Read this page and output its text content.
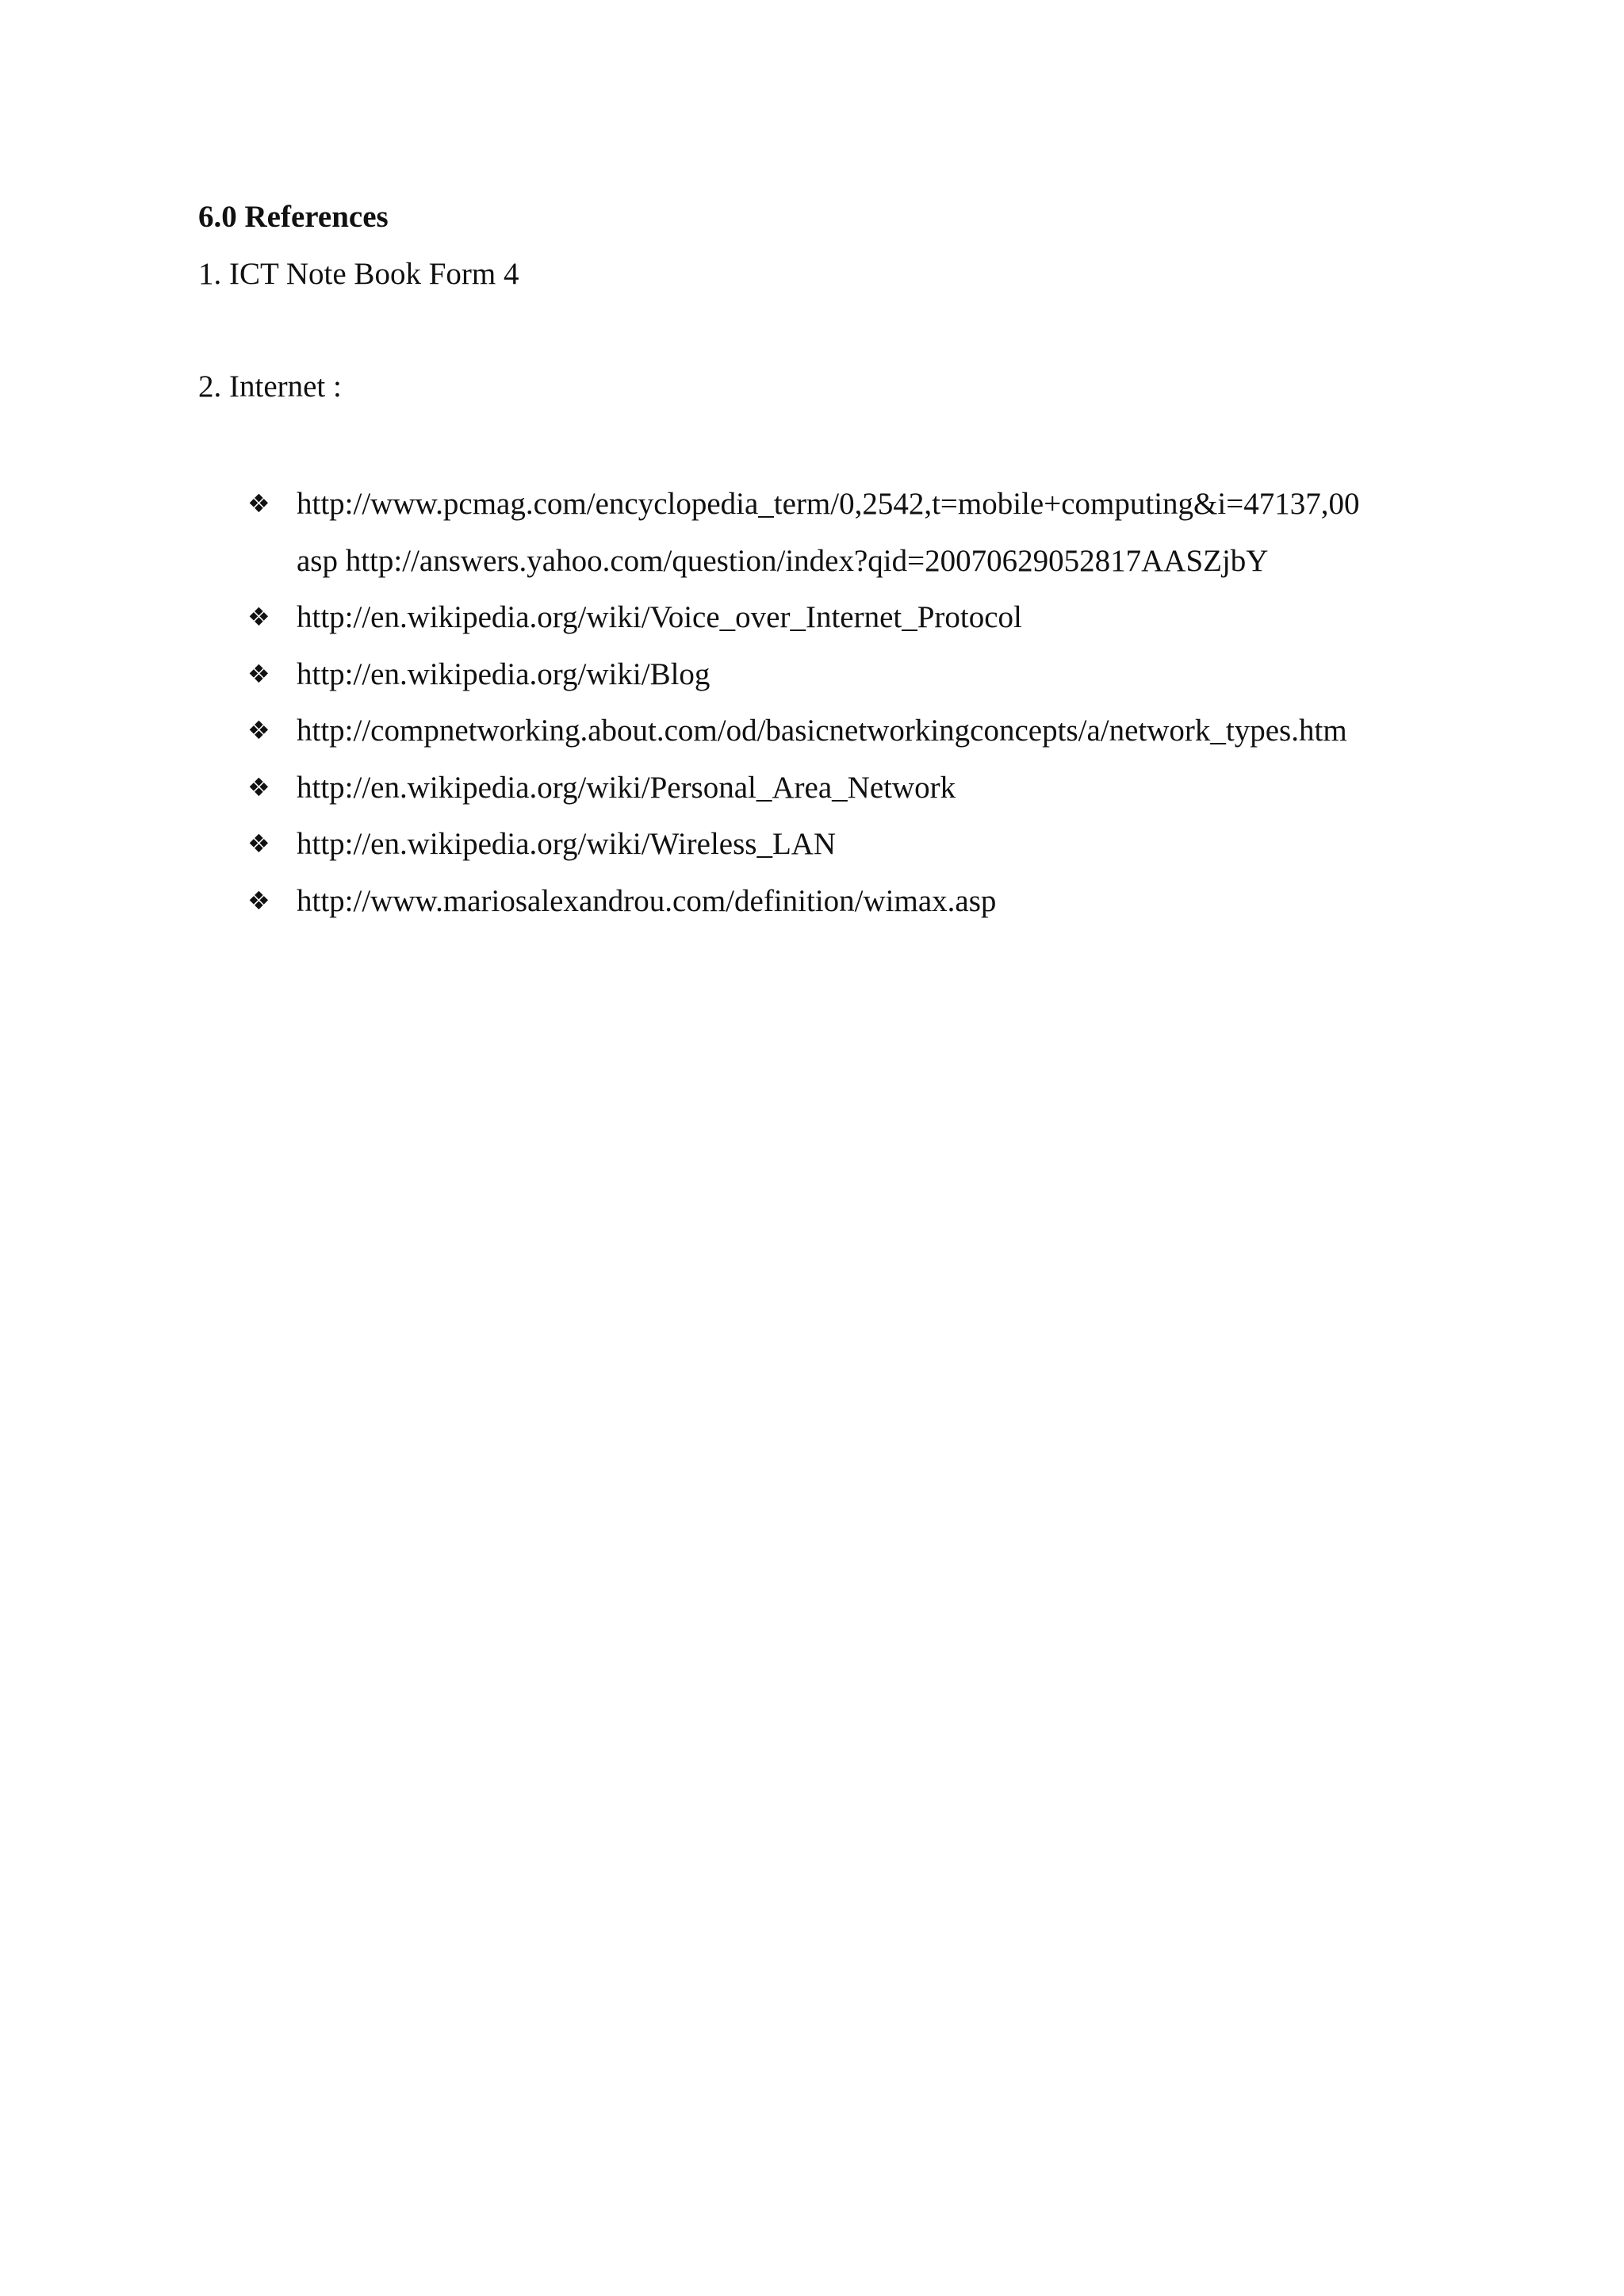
6.0 References
1. ICT Note Book Form 4
2. Internet :
❖ http://www.pcmag.com/encyclopedia_term/0,2542,t=mobile+computing&i=47137,00
asp http://answers.yahoo.com/question/index?qid=20070629052817AASZjbY
❖ http://en.wikipedia.org/wiki/Voice_over_Internet_Protocol
❖ http://en.wikipedia.org/wiki/Blog
❖ http://compnetworking.about.com/od/basicnetworkingconcepts/a/network_types.htm
❖ http://en.wikipedia.org/wiki/Personal_Area_Network
❖ http://en.wikipedia.org/wiki/Wireless_LAN
❖ http://www.mariosalexandrou.com/definition/wimax.asp
